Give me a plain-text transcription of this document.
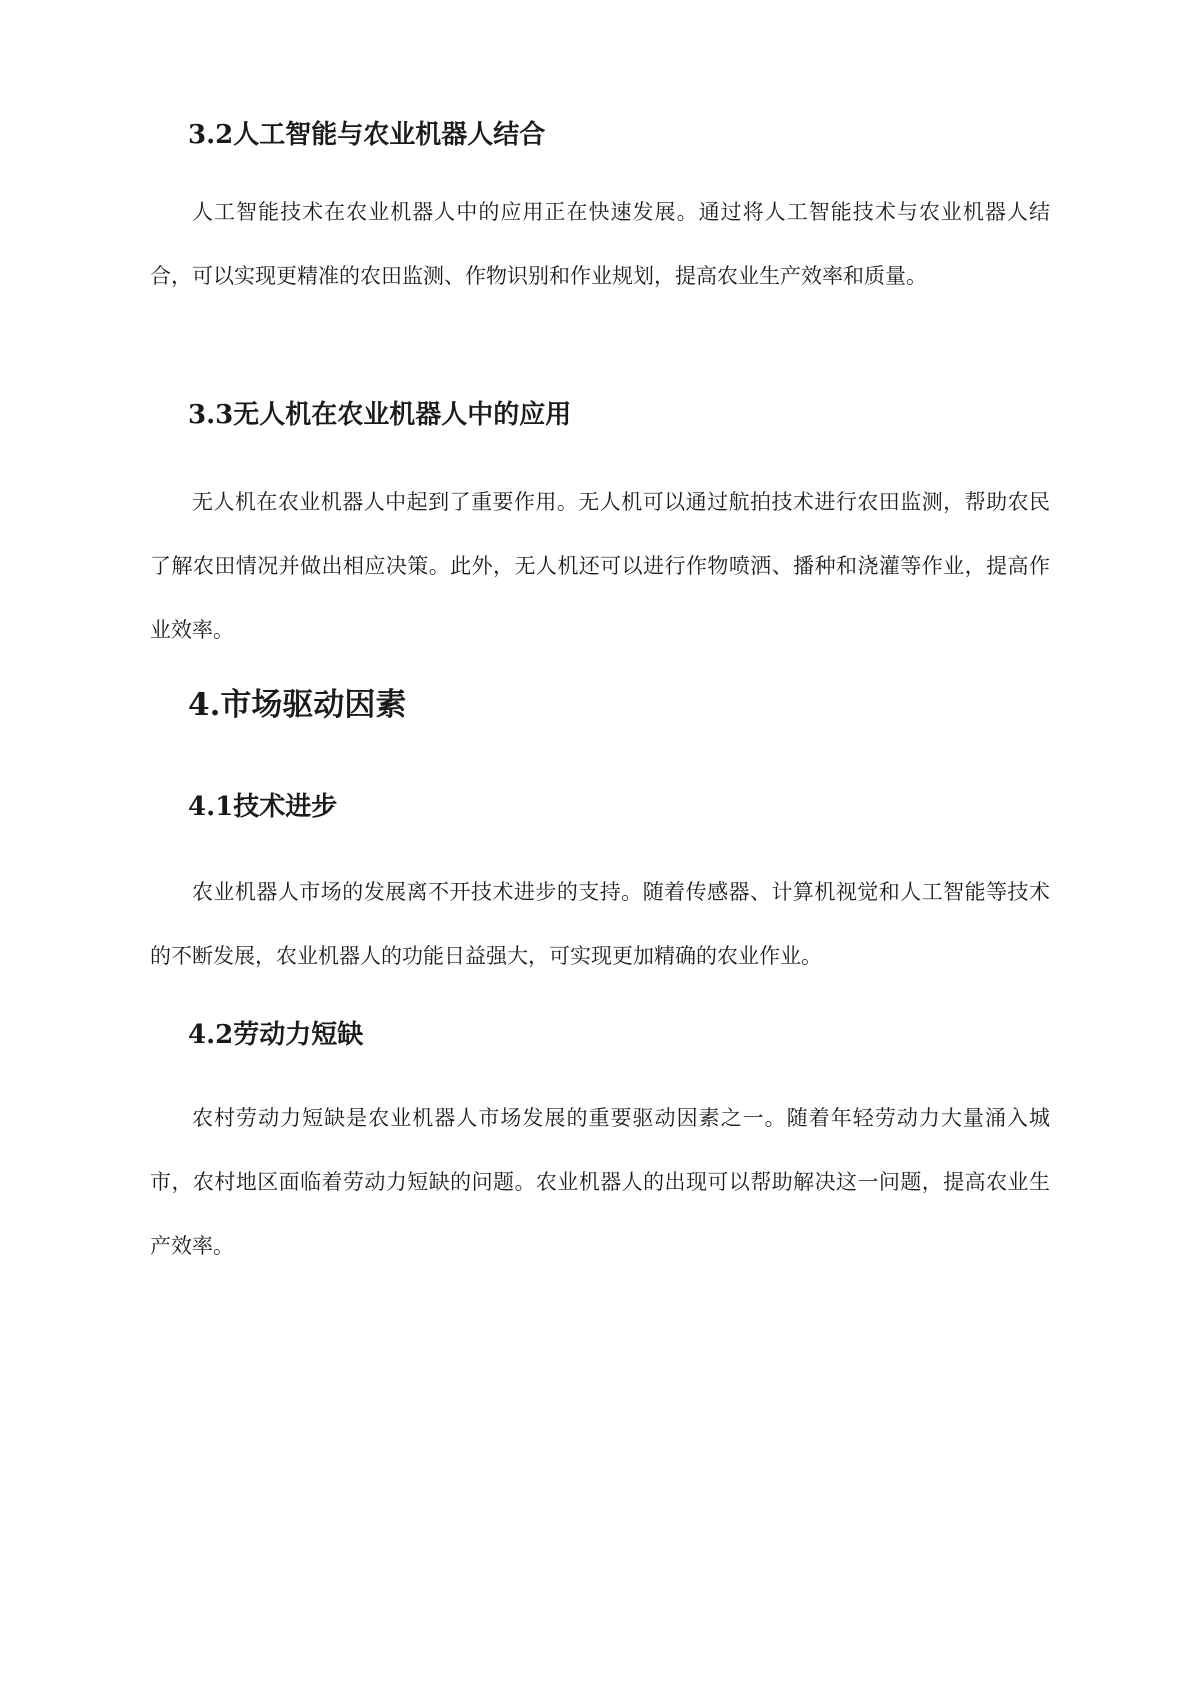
3.2人工智能与农业机器人结合

人工智能技术在农业机器人中的应用正在快速发展。通过将人工智能技术与农业机器人结合，可以实现更精准的农田监测、作物识别和作业规划，提高农业生产效率和质量。

3.3无人机在农业机器人中的应用

无人机在农业机器人中起到了重要作用。无人机可以通过航拍技术进行农田监测，帮助农民了解农田情况并做出相应决策。此外，无人机还可以进行作物喷洒、播种和浇灌等作业，提高作业效率。

4.市场驱动因素
4.1技术进步

农业机器人市场的发展离不开技术进步的支持。随着传感器、计算机视觉和人工智能等技术的不断发展，农业机器人的功能日益强大，可实现更加精确的农业作业。

4.2劳动力短缺

农村劳动力短缺是农业机器人市场发展的重要驱动因素之一。随着年轻劳动力大量涌入城市，农村地区面临着劳动力短缺的问题。农业机器人的出现可以帮助解决这一问题，提高农业生产效率。
